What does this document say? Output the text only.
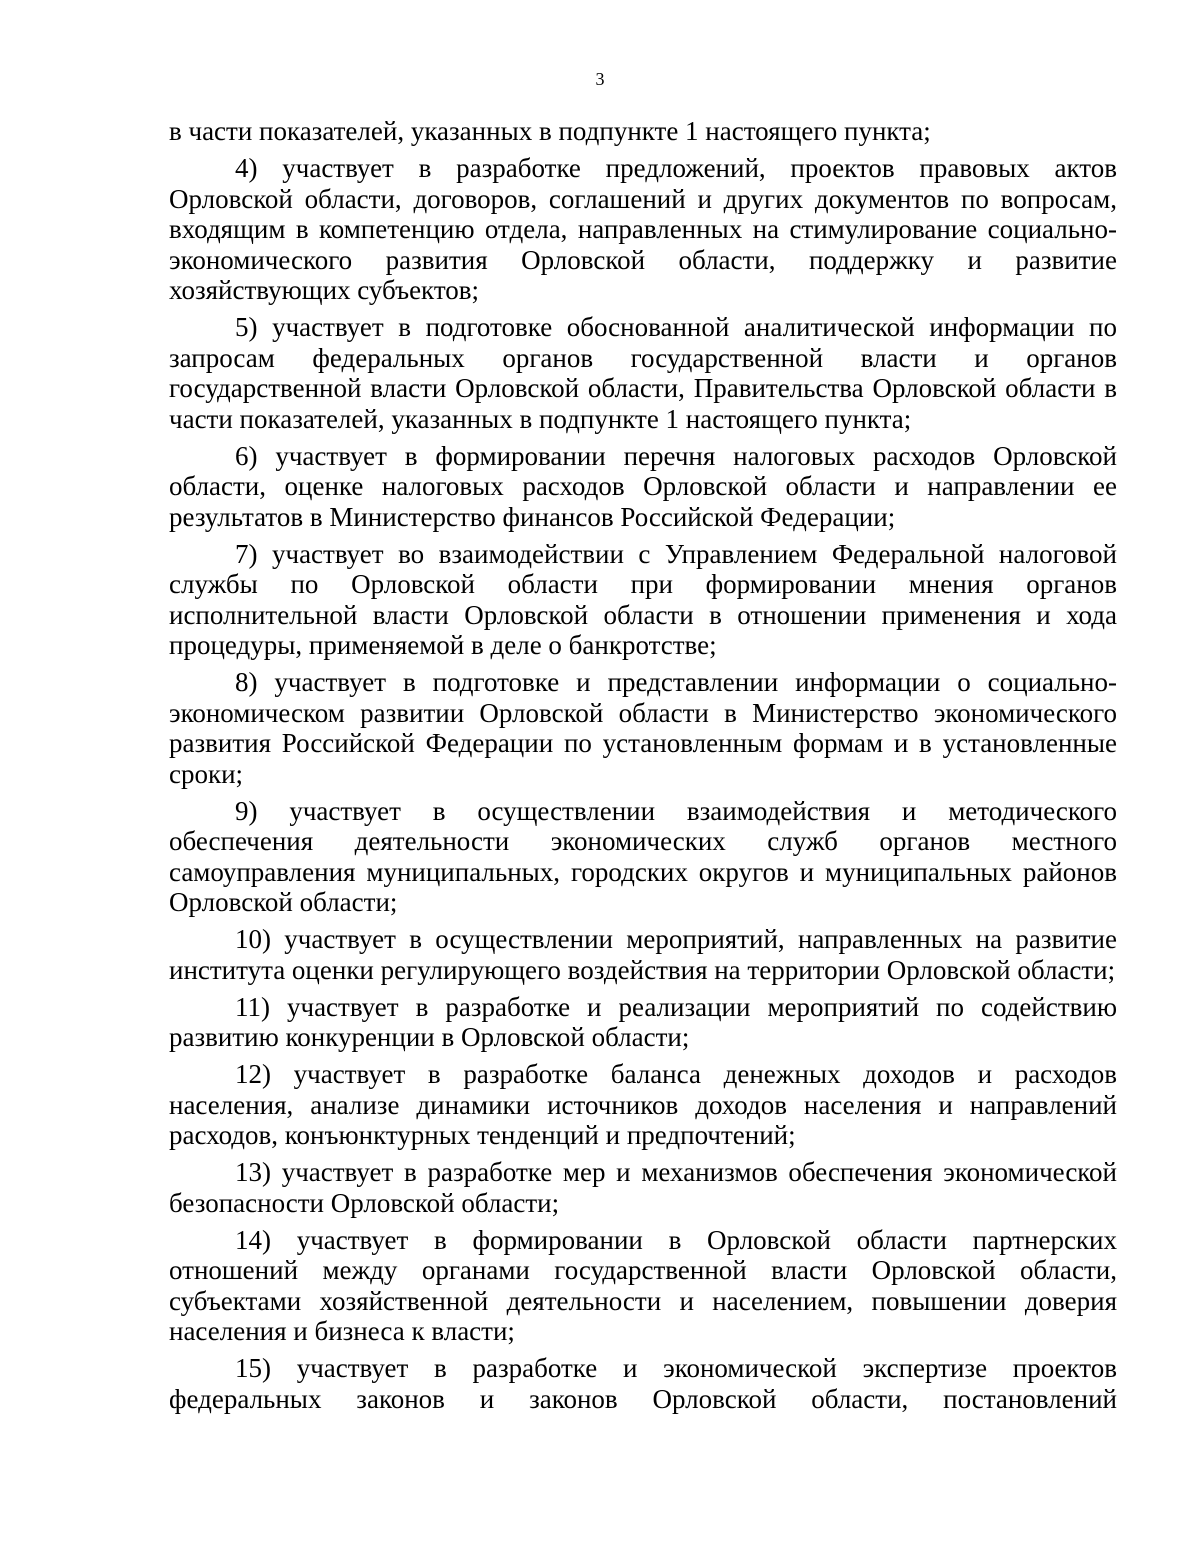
3

в части показателей, указанных в подпункте 1 настоящего пункта;

4) участвует в разработке предложений, проектов правовых актов Орловской области, договоров, соглашений и других документов по вопросам, входящим в компетенцию отдела, направленных на стимулирование социально-экономического развития Орловской области, поддержку и развитие хозяйствующих субъектов;

5) участвует в подготовке обоснованной аналитической информации по запросам федеральных органов государственной власти и органов государственной власти Орловской области, Правительства Орловской области в части показателей, указанных в подпункте 1 настоящего пункта;

6) участвует в формировании перечня налоговых расходов Орловской области, оценке налоговых расходов Орловской области и направлении ее результатов в Министерство финансов Российской Федерации;

7) участвует во взаимодействии с Управлением Федеральной налоговой службы по Орловской области при формировании мнения органов исполнительной власти Орловской области в отношении применения и хода процедуры, применяемой в деле о банкротстве;

8) участвует в подготовке и представлении информации о социально-экономическом развитии Орловской области в Министерство экономического развития Российской Федерации по установленным формам и в установленные сроки;

9) участвует в осуществлении взаимодействия и методического обеспечения деятельности экономических служб органов местного самоуправления муниципальных, городских округов и муниципальных районов Орловской области;

10) участвует в осуществлении мероприятий, направленных на развитие института оценки регулирующего воздействия на территории Орловской области;

11) участвует в разработке и реализации мероприятий по содействию развитию конкуренции в Орловской области;

12) участвует в разработке баланса денежных доходов и расходов населения, анализе динамики источников доходов населения и направлений расходов, конъюнктурных тенденций и предпочтений;

13) участвует в разработке мер и механизмов обеспечения экономической безопасности Орловской области;

14) участвует в формировании в Орловской области партнерских отношений между органами государственной власти Орловской области, субъектами хозяйственной деятельности и населением, повышении доверия населения и бизнеса к власти;

15) участвует в разработке и экономической экспертизе проектов федеральных законов и законов Орловской области, постановлений
